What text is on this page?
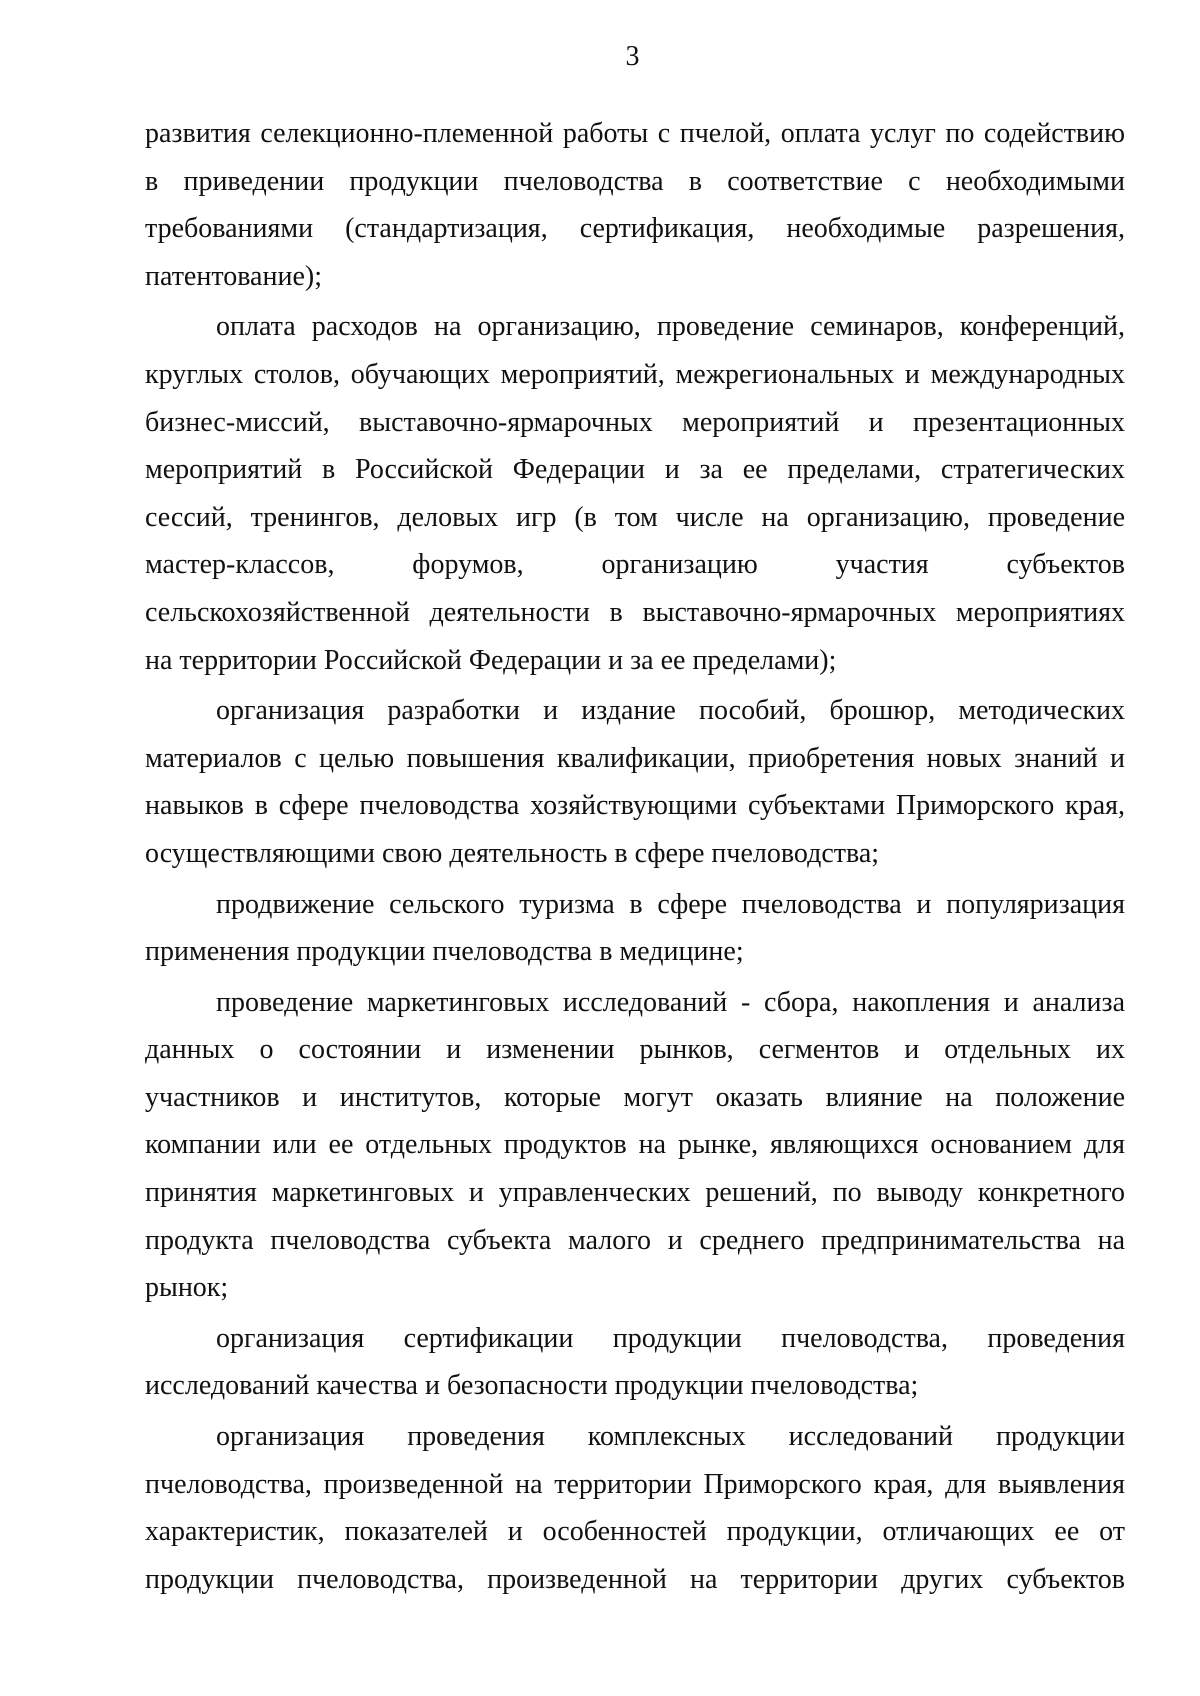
3
развития селекционно-племенной работы с пчелой, оплата услуг по содействию
в приведении продукции пчеловодства в соответствие с необходимыми
требованиями (стандартизация, сертификация, необходимые разрешения,
патентование);
оплата расходов на организацию, проведение семинаров, конференций,
круглых столов, обучающих мероприятий, межрегиональных и международных
бизнес-миссий, выставочно-ярмарочных мероприятий и презентационных
мероприятий в Российской Федерации и за ее пределами, стратегических
сессий, тренингов, деловых игр (в том числе на организацию, проведение
мастер-классов, форумов, организацию участия субъектов
сельскохозяйственной деятельности в выставочно-ярмарочных мероприятиях
на территории Российской Федерации и за ее пределами);
организация разработки и издание пособий, брошюр, методических
материалов с целью повышения квалификации, приобретения новых знаний и
навыков в сфере пчеловодства хозяйствующими субъектами Приморского края,
осуществляющими свою деятельность в сфере пчеловодства;
продвижение сельского туризма в сфере пчеловодства и популяризация
применения продукции пчеловодства в медицине;
проведение маркетинговых исследований - сбора, накопления и анализа
данных о состоянии и изменении рынков, сегментов и отдельных их
участников и институтов, которые могут оказать влияние на положение
компании или ее отдельных продуктов на рынке, являющихся основанием для
принятия маркетинговых и управленческих решений, по выводу конкретного
продукта пчеловодства субъекта малого и среднего предпринимательства на
рынок;
организация сертификации продукции пчеловодства, проведения
исследований качества и безопасности продукции пчеловодства;
организация проведения комплексных исследований продукции
пчеловодства, произведенной на территории Приморского края, для выявления
характеристик, показателей и особенностей продукции, отличающих ее от
продукции пчеловодства, произведенной на территории других субъектов
